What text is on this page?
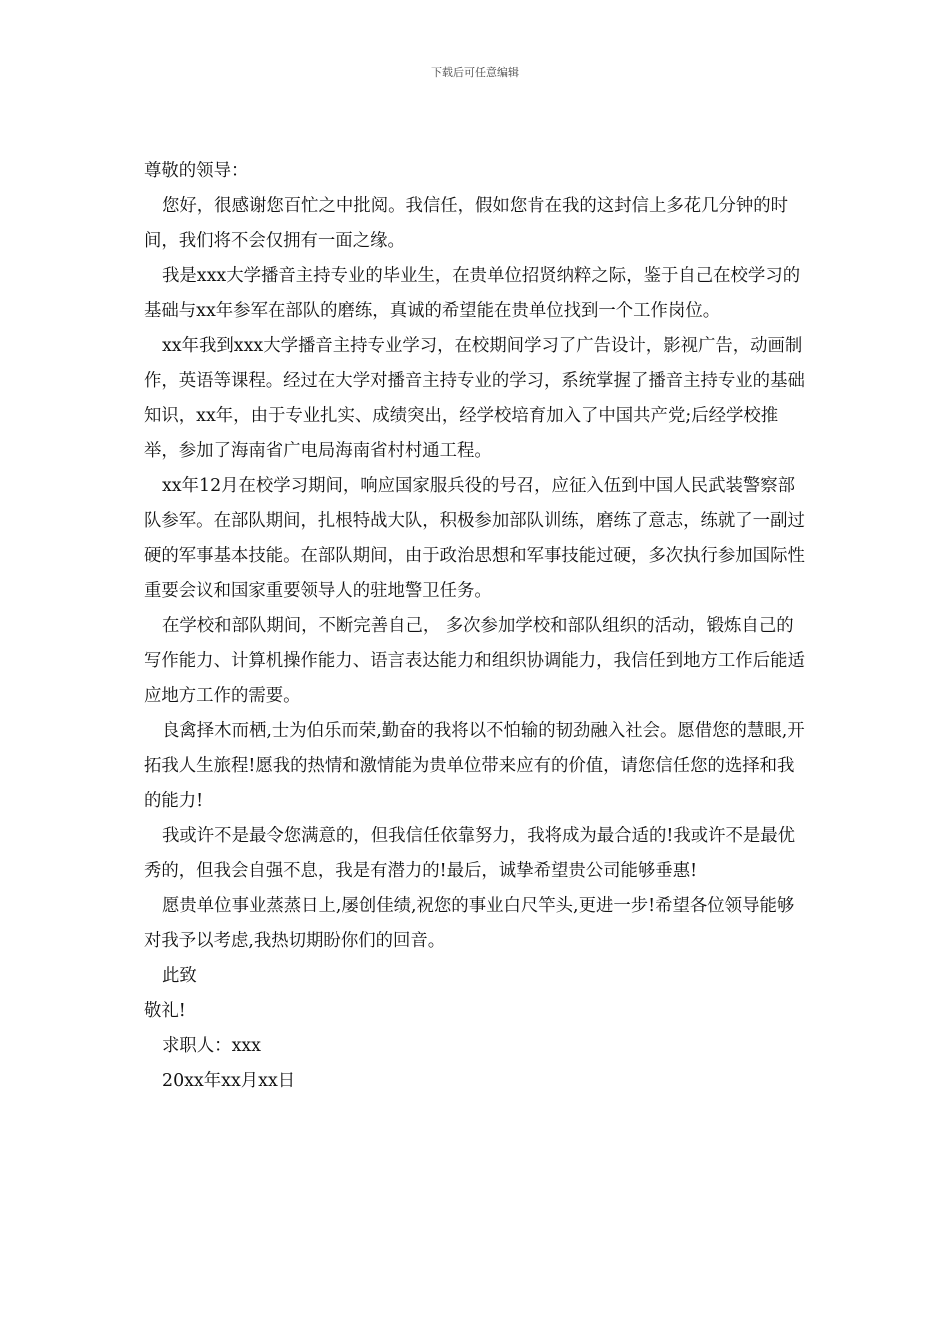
下载后可任意编辑

尊敬的领导：

您好，很感谢您百忙之中批阅。我信任，假如您肯在我的这封信上多花几分钟的时间，我们将不会仅拥有一面之缘。

我是xxx大学播音主持专业的毕业生，在贵单位招贤纳粹之际，鉴于自己在校学习的基础与xx年参军在部队的磨练，真诚的希望能在贵单位找到一个工作岗位。

xx年我到xxx大学播音主持专业学习，在校期间学习了广告设计，影视广告，动画制作，英语等课程。经过在大学对播音主持专业的学习，系统掌握了播音主持专业的基础知识，xx年，由于专业扎实、成绩突出，经学校培育加入了中国共产党;后经学校推举，参加了海南省广电局海南省村村通工程。

xx年12月在校学习期间，响应国家服兵役的号召，应征入伍到中国人民武装警察部队参军。在部队期间，扎根特战大队，积极参加部队训练，磨练了意志，练就了一副过硬的军事基本技能。在部队期间，由于政治思想和军事技能过硬，多次执行参加国际性重要会议和国家重要领导人的驻地警卫任务。

在学校和部队期间，不断完善自己， 多次参加学校和部队组织的活动，锻炼自己的写作能力、计算机操作能力、语言表达能力和组织协调能力，我信任到地方工作后能适应地方工作的需要。

良禽择木而栖,士为伯乐而荣,勤奋的我将以不怕输的韧劲融入社会。愿借您的慧眼,开拓我人生旅程!愿我的热情和激情能为贵单位带来应有的价值，请您信任您的选择和我的能力!

我或许不是最令您满意的，但我信任依靠努力，我将成为最合适的!我或许不是最优秀的，但我会自强不息，我是有潜力的!最后，诚挚希望贵公司能够垂惠!

愿贵单位事业蒸蒸日上,屡创佳绩,祝您的事业白尺竿头,更进一步!希望各位领导能够对我予以考虑,我热切期盼你们的回音。

此致

敬礼!

求职人：xxx

20xx年xx月xx日
